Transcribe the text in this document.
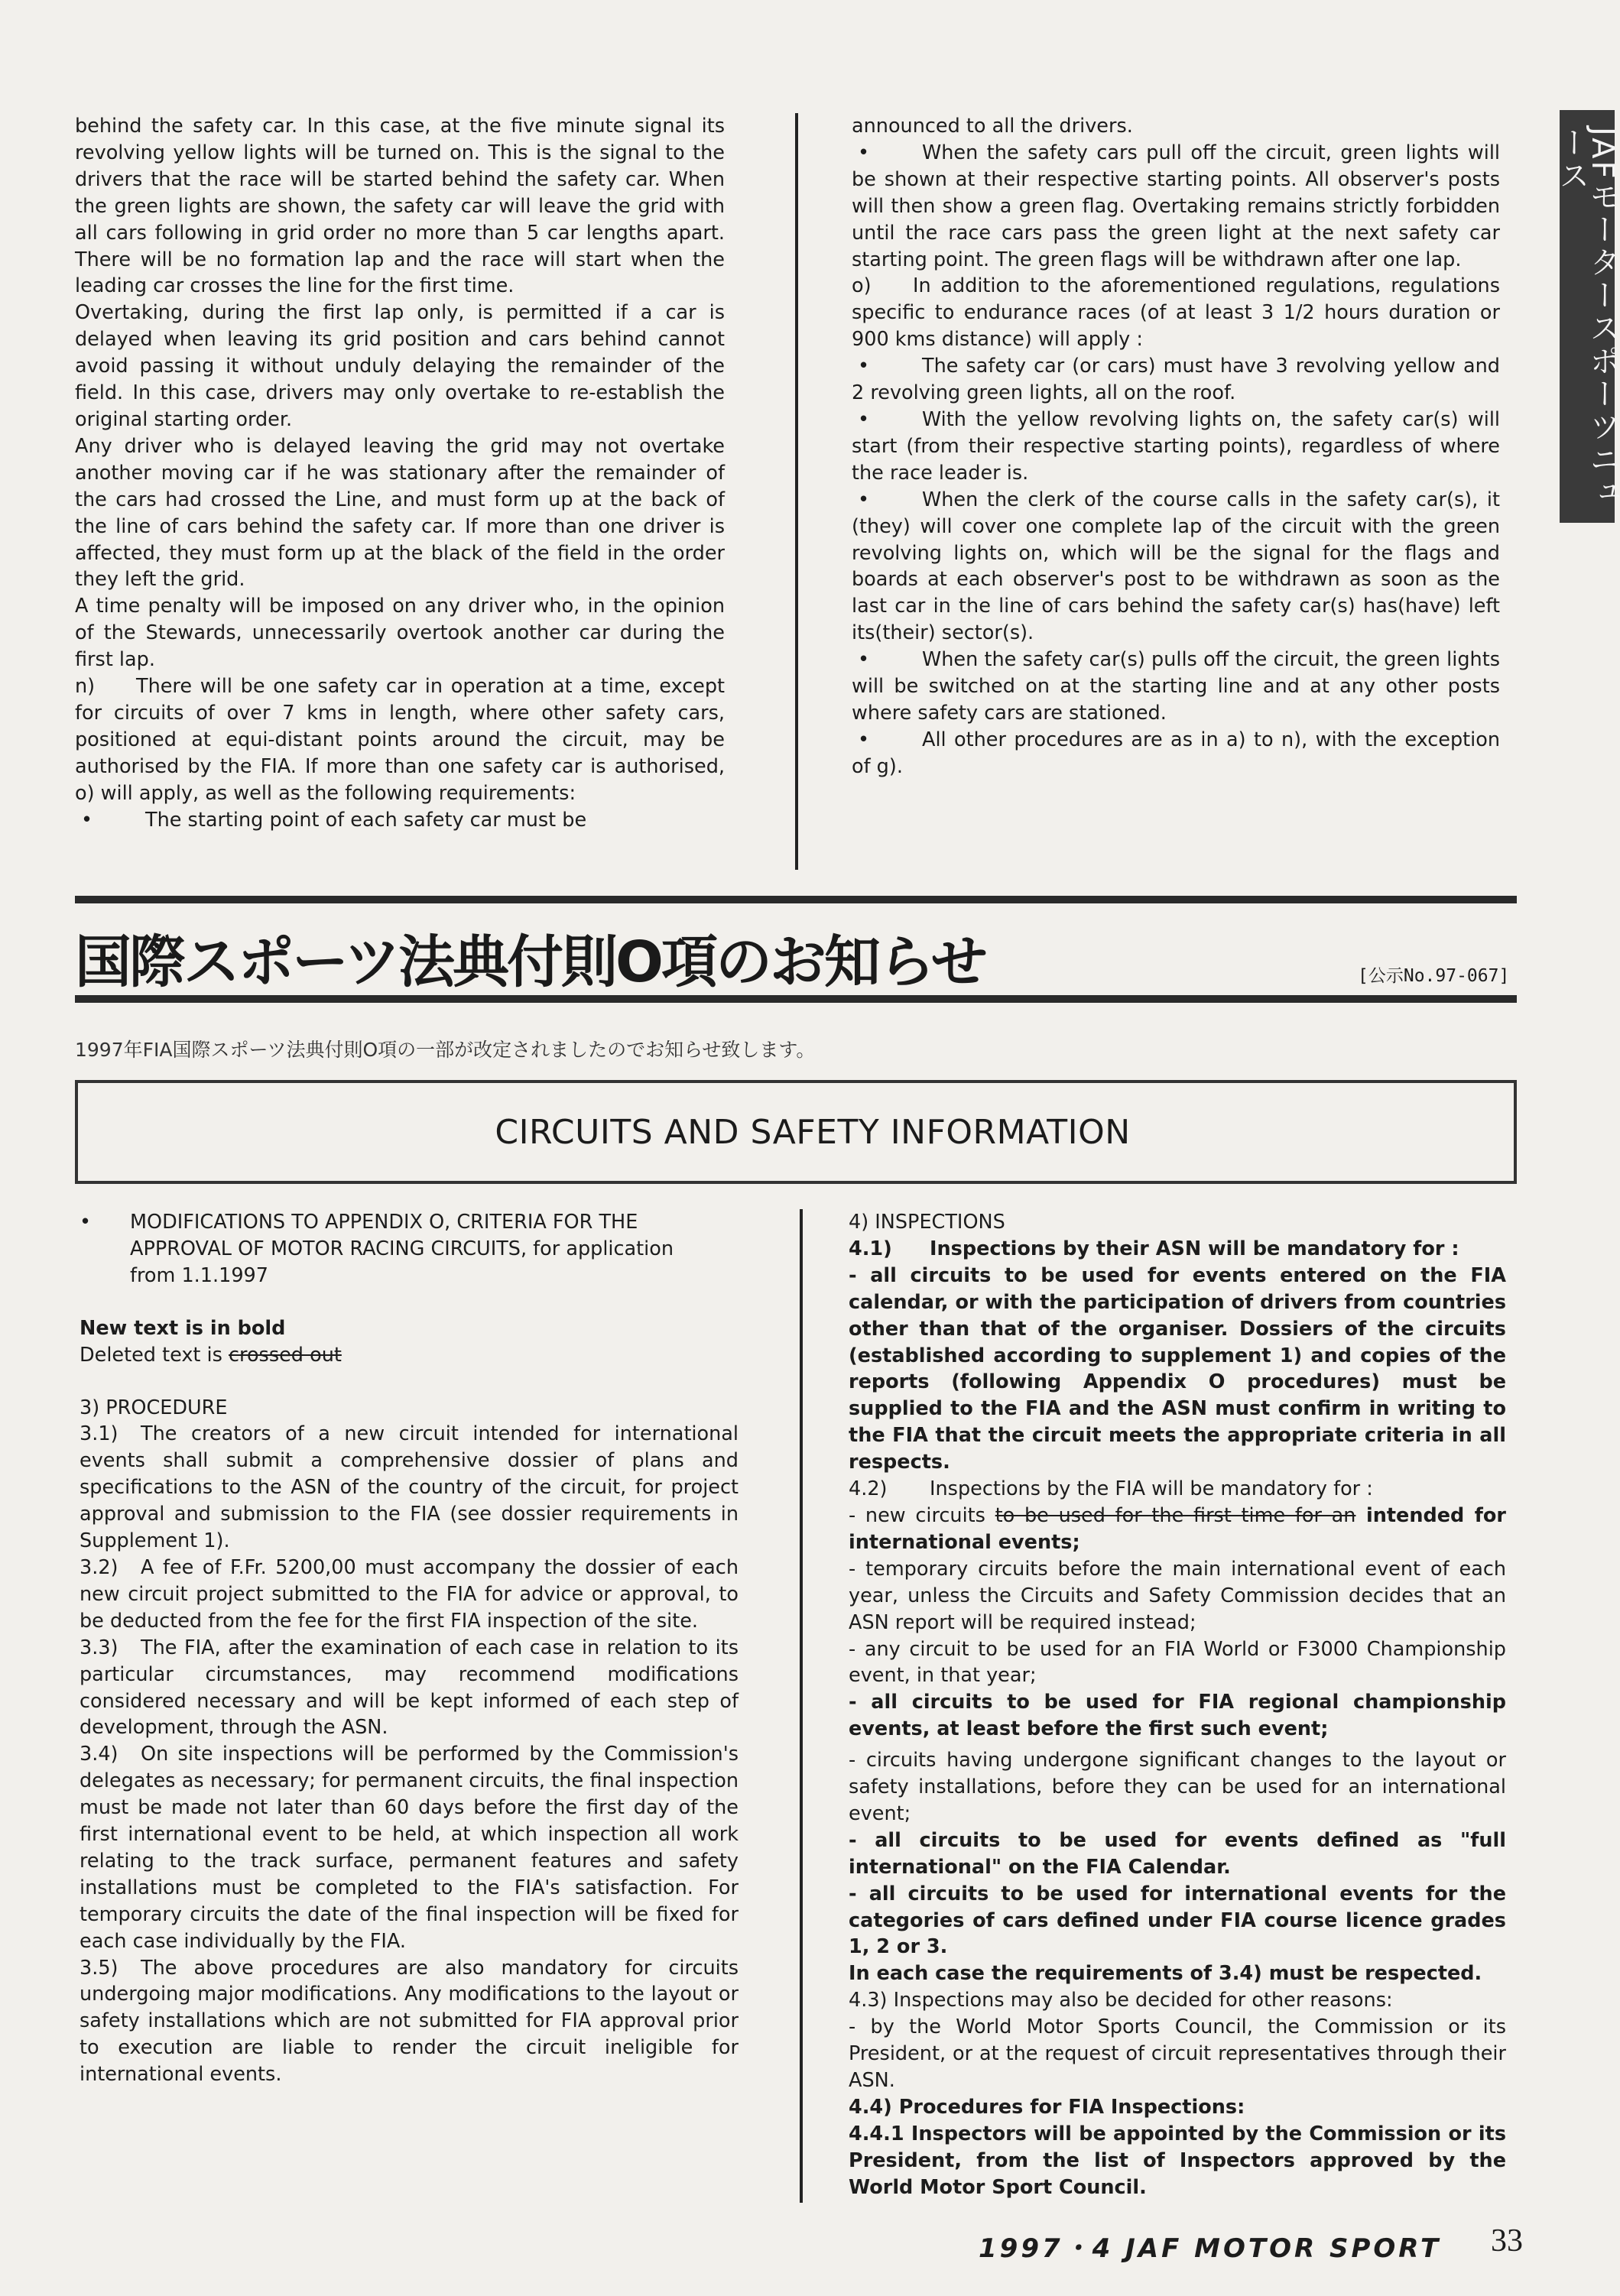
JAFモータースポーツニュース

behind the safety car. In this case, at the five minute signal its revolving yellow lights will be turned on. This is the signal to the drivers that the race will be started behind the safety car. When the green lights are shown, the safety car will leave the grid with all cars following in grid order no more than 5 car lengths apart. There will be no formation lap and the race will start when the leading car crosses the line for the first time.

Overtaking, during the first lap only, is permitted if a car is delayed when leaving its grid position and cars behind cannot avoid passing it without unduly delaying the remainder of the field. In this case, drivers may only overtake to re-establish the original starting order.

Any driver who is delayed leaving the grid may not overtake another moving car if he was stationary after the remainder of the cars had crossed the Line, and must form up at the back of the line of cars behind the safety car. If more than one driver is affected, they must form up at the black of the field in the order they left the grid.

A time penalty will be imposed on any driver who, in the opinion of the Stewards, unnecessarily overtook another car during the first lap.

n) There will be one safety car in operation at a time, except for circuits of over 7 kms in length, where other safety cars, positioned at equi-distant points around the circuit, may be authorised by the FIA. If more than one safety car is authorised, o) will apply, as well as the following requirements:

•	The starting point of each safety car must be

announced to all the drivers.

•	When the safety cars pull off the circuit, green lights will be shown at their respective starting points. All observer's posts will then show a green flag. Overtaking remains strictly forbidden until the race cars pass the green light at the next safety car starting point. The green flags will be withdrawn after one lap.

o) In addition to the aforementioned regulations, regulations specific to endurance races (of at least 3 1/2 hours duration or 900 kms distance) will apply :

•	The safety car (or cars) must have 3 revolving yellow and 2 revolving green lights, all on the roof.

•	With the yellow revolving lights on, the safety car(s) will start (from their respective starting points), regardless of where the race leader is.

•	When the clerk of the course calls in the safety car(s), it (they) will cover one complete lap of the circuit with the green revolving lights on, which will be the signal for the flags and boards at each observer's post to be withdrawn as soon as the last car in the line of cars behind the safety car(s) has(have) left its(their) sector(s).

•	When the safety car(s) pulls off the circuit, the green lights will be switched on at the starting line and at any other posts where safety cars are stationed.

•	All other procedures are as in a) to n), with the exception of g).

国際スポーツ法典付則O項のお知らせ	[公示No.97-067]
1997年FIA国際スポーツ法典付則O項の一部が改定されましたのでお知らせ致します。
CIRCUITS AND SAFETY INFORMATION

•	MODIFICATIONS TO APPENDIX O, CRITERIA FOR THE APPROVAL OF MOTOR RACING CIRCUITS, for application from 1.1.1997

New text is in bold

Deleted text is crossed out

3) PROCEDURE

3.1) The creators of a new circuit intended for international events shall submit a comprehensive dossier of plans and specifications to the ASN of the country of the circuit, for project approval and submission to the FIA (see dossier requirements in Supplement 1).

3.2) A fee of F.Fr. 5200,00 must accompany the dossier of each new circuit project submitted to the FIA for advice or approval, to be deducted from the fee for the first FIA inspection of the site.

3.3) The FIA, after the examination of each case in relation to its particular circumstances, may recommend modifications considered necessary and will be kept informed of each step of development, through the ASN.

3.4) On site inspections will be performed by the Commission's delegates as necessary; for permanent circuits, the final inspection must be made not later than 60 days before the first day of the first international event to be held, at which inspection all work relating to the track surface, permanent features and safety installations must be completed to the FIA's satisfaction. For temporary circuits the date of the final inspection will be fixed for each case individually by the FIA.

3.5) The above procedures are also mandatory for circuits undergoing major modifications. Any modifications to the layout or safety installations which are not submitted for FIA approval prior to execution are liable to render the circuit ineligible for international events.

4) INSPECTIONS

4.1) Inspections by their ASN will be mandatory for :

- all circuits to be used for events entered on the FIA calendar, or with the participation of drivers from countries other than that of the organiser. Dossiers of the circuits (established according to supplement 1) and copies of the reports (following Appendix O procedures) must be supplied to the FIA and the ASN must confirm in writing to the FIA that the circuit meets the appropriate criteria in all respects.

4.2) Inspections by the FIA will be mandatory for :

- new circuits to be used for the first time for an intended for international events;

- temporary circuits before the main international event of each year, unless the Circuits and Safety Commission decides that an ASN report will be required instead;

- any circuit to be used for an FIA World or F3000 Championship event, in that year;

- all circuits to be used for FIA regional championship events, at least before the first such event;

- circuits having undergone significant changes to the layout or safety installations, before they can be used for an international event;

- all circuits to be used for events defined as "full international" on the FIA Calendar.

- all circuits to be used for international events for the categories of cars defined under FIA course licence grades 1, 2 or 3.

In each case the requirements of 3.4) must be respected.

4.3) Inspections may also be decided for other reasons:

- by the World Motor Sports Council, the Commission or its President, or at the request of circuit representatives through their ASN.

4.4) Procedures for FIA Inspections:

4.4.1 Inspectors will be appointed by the Commission or its President, from the list of Inspectors approved by the World Motor Sport Council.

1997・4 JAF MOTOR SPORT 33
